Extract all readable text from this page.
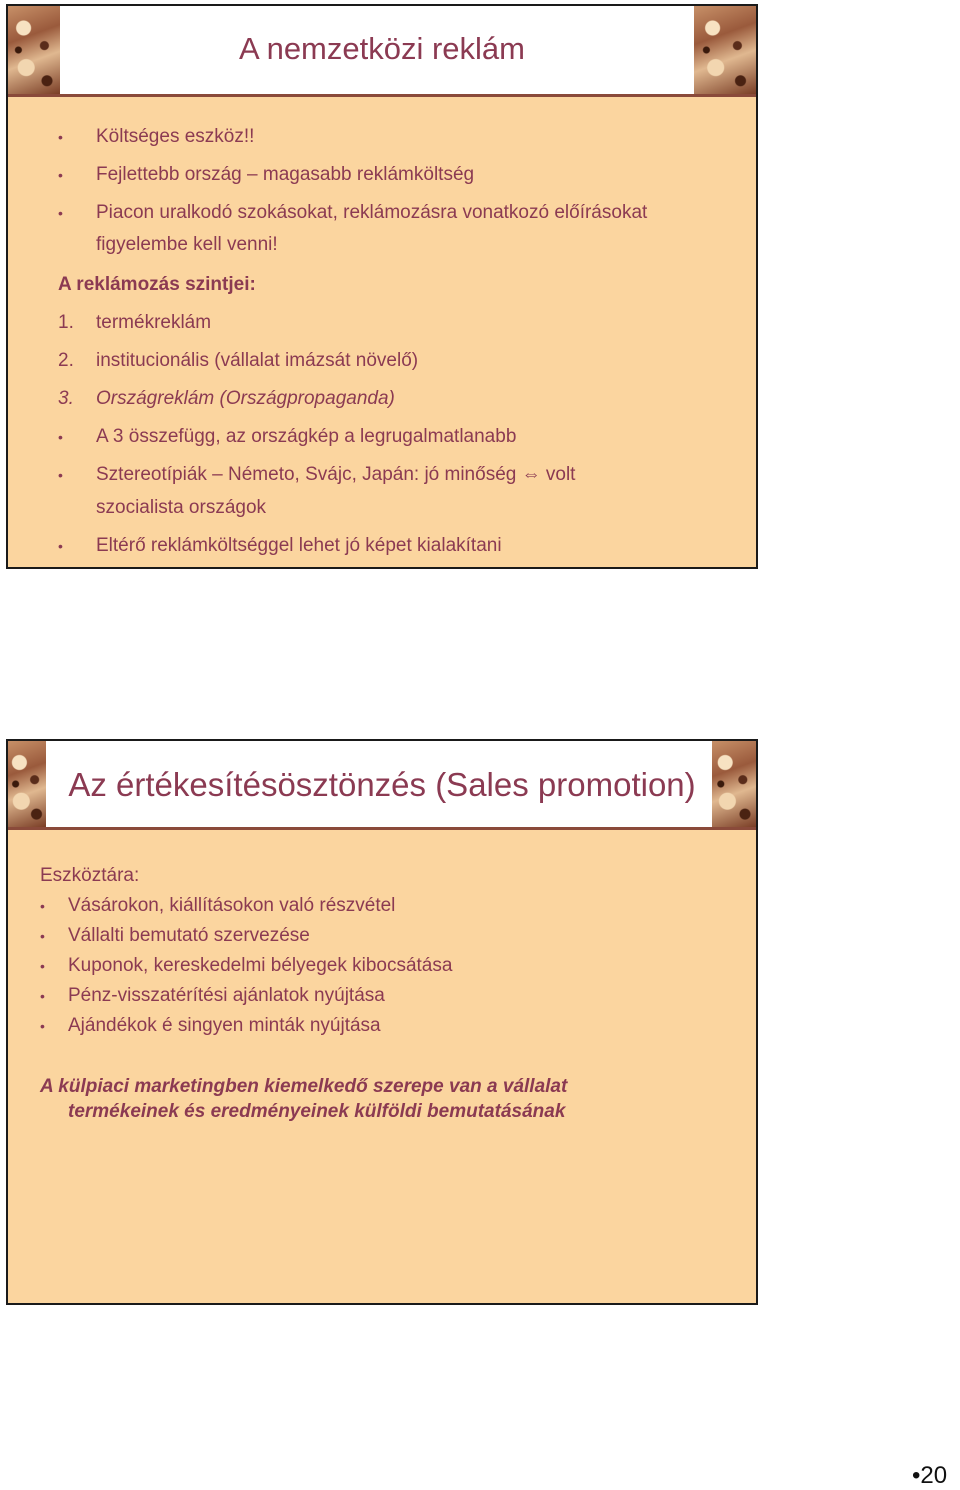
A nemzetközi reklám
• Költséges eszköz!!
• Fejlettebb ország – magasabb reklámköltség
• Piacon uralkodó szokásokat, reklámozásra vonatkozó előírásokat
figyelembe kell venni!
A reklámozás szintjei:
1. termékreklám
2. institucionális (vállalat imázsát növelő)
3. Országreklám (Országpropaganda)
• A 3 összefügg, az országkép a legrugalmatlanabb
• Sztereotípiák – Németo, Svájc, Japán: jó minőség ⇔ volt
szocialista országok
• Eltérő reklámköltséggel lehet jó képet kialakítani
Az értékesítésösztönzés (Sales promotion)
Eszköztára:
• Vásárokon, kiállításokon való részvétel
• Vállalti bemutató szervezése
• Kuponok, kereskedelmi bélyegek kibocsátása
• Pénz-visszatérítési ajánlatok nyújtása
• Ajándékok é singyen minták nyújtása
A külpiaci marketingben kiemelkedő szerepe van a vállalat
termékeinek és eredményeinek külföldi bemutatásának
•20
